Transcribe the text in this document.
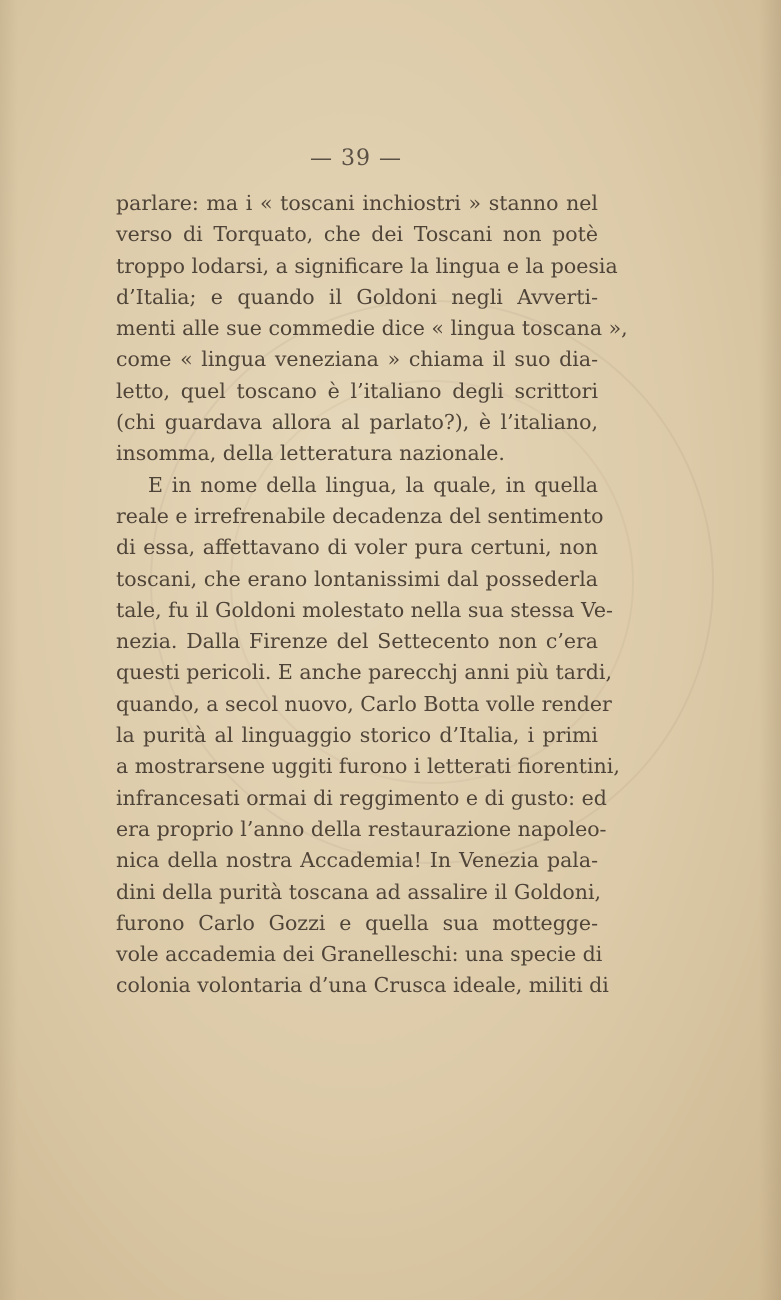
— 39 —
parlare: ma i « toscani inchiostri » stanno nel
verso di Torquato, che dei Toscani non potè
troppo lodarsi, a significare la lingua e la poesia
d’Italia; e quando il Goldoni negli Avverti-
menti alle sue commedie dice « lingua toscana »,
come « lingua veneziana » chiama il suo dia-
letto, quel toscano è l’italiano degli scrittori
(chi guardava allora al parlato?), è l’italiano,
insomma, della letteratura nazionale.
E in nome della lingua, la quale, in quella
reale e irrefrenabile decadenza del sentimento
di essa, affettavano di voler pura certuni, non
toscani, che erano lontanissimi dal possederla
tale, fu il Goldoni molestato nella sua stessa Ve-
nezia. Dalla Firenze del Settecento non c’era
questi pericoli. E anche parecchj anni più tardi,
quando, a secol nuovo, Carlo Botta volle render
la purità al linguaggio storico d’Italia, i primi
a mostrarsene uggiti furono i letterati fiorentini,
infrancesati ormai di reggimento e di gusto: ed
era proprio l’anno della restaurazione napoleo-
nica della nostra Accademia! In Venezia pala-
dini della purità toscana ad assalire il Goldoni,
furono Carlo Gozzi e quella sua mottegge-
vole accademia dei Granelleschi: una specie di
colonia volontaria d’una Crusca ideale, militi di
